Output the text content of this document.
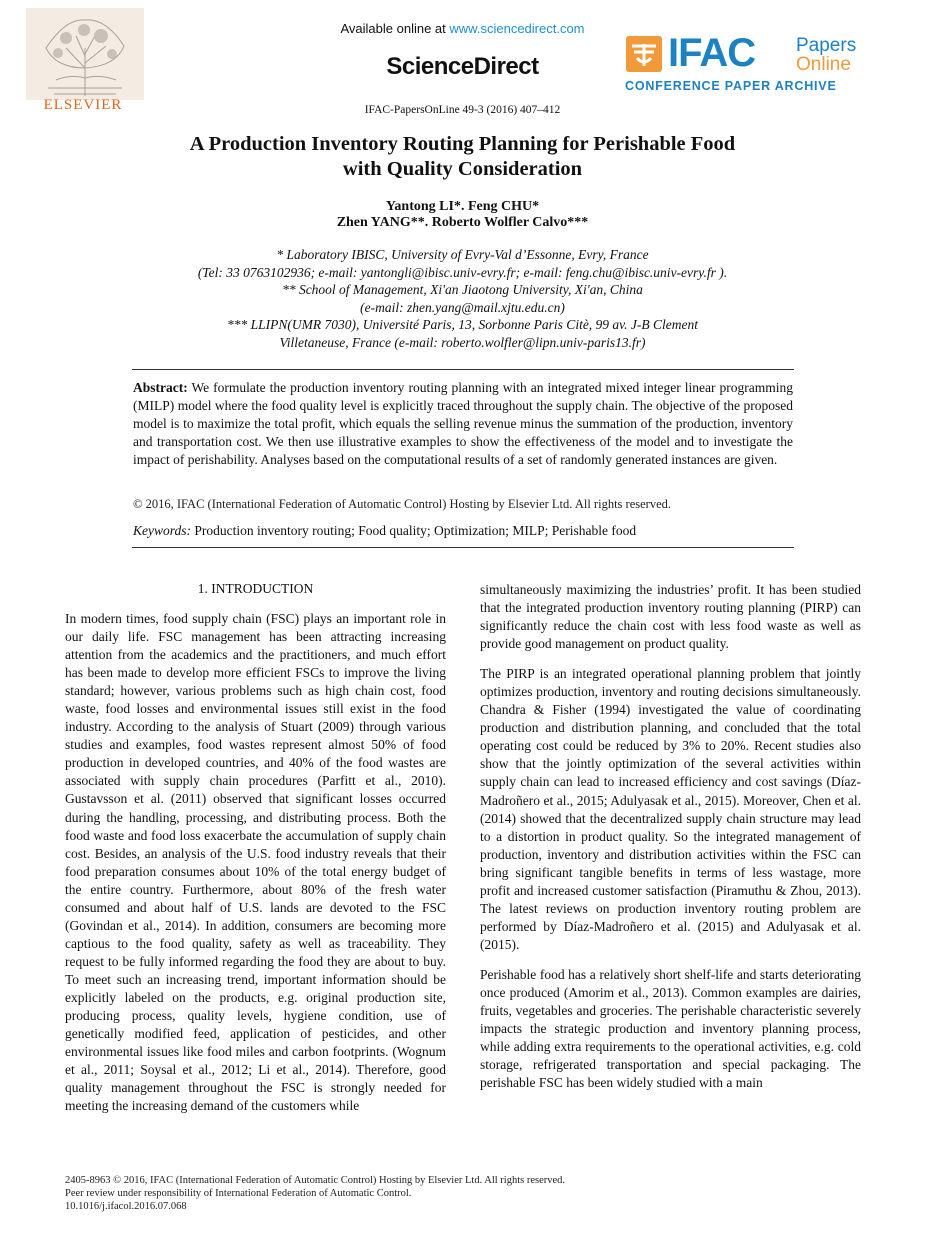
ELSEVIER
Available online at www.sciencedirect.com
ScienceDirect
IFAC-PapersOnLine 49-3 (2016) 407–412
IFAC Papers
Online
CONFERENCE PAPER ARCHIVE
A Production Inventory Routing Planning for Perishable Food
with Quality Consideration
Yantong LI*. Feng CHU*
Zhen YANG**. Roberto Wolfler Calvo***
* Laboratory IBISC, University of Evry-Val d’Essonne, Evry, France
(Tel: 33 0763102936; e-mail: yantongli@ibisc.univ-evry.fr; e-mail: feng.chu@ibisc.univ-evry.fr ).
** School of Management, Xi'an Jiaotong University, Xi'an, China
(e-mail: zhen.yang@mail.xjtu.edu.cn)
*** LLIPN(UMR 7030), Université Paris, 13, Sorbonne Paris Citè, 99 av. J-B Clement
Villetaneuse, France (e-mail: roberto.wolfler@lipn.univ-paris13.fr)
Abstract: We formulate the production inventory routing planning with an integrated mixed integer linear programming (MILP) model where the food quality level is explicitly traced throughout the supply chain. The objective of the proposed model is to maximize the total profit, which equals the selling revenue minus the summation of the production, inventory and transportation cost. We then use illustrative examples to show the effectiveness of the model and to investigate the impact of perishability. Analyses based on the computational results of a set of randomly generated instances are given.
© 2016, IFAC (International Federation of Automatic Control) Hosting by Elsevier Ltd. All rights reserved.
Keywords: Production inventory routing; Food quality; Optimization; MILP; Perishable food
1. INTRODUCTION

In modern times, food supply chain (FSC) plays an important role in our daily life. FSC management has been attracting increasing attention from the academics and the practitioners, and much effort has been made to develop more efficient FSCs to improve the living standard; however, various problems such as high chain cost, food waste, food losses and environmental issues still exist in the food industry. According to the analysis of Stuart (2009) through various studies and examples, food wastes represent almost 50% of food production in developed countries, and 40% of the food wastes are associated with supply chain procedures (Parfitt et al., 2010). Gustavsson et al. (2011) observed that significant losses occurred during the handling, processing, and distributing process. Both the food waste and food loss exacerbate the accumulation of supply chain cost. Besides, an analysis of the U.S. food industry reveals that their food preparation consumes about 10% of the total energy budget of the entire country. Furthermore, about 80% of the fresh water consumed and about half of U.S. lands are devoted to the FSC (Govindan et al., 2014). In addition, consumers are becoming more captious to the food quality, safety as well as traceability. They request to be fully informed regarding the food they are about to buy. To meet such an increasing trend, important information should be explicitly labeled on the products, e.g. original production site, producing process, quality levels, hygiene condition, use of genetically modified feed, application of pesticides, and other environmental issues like food miles and carbon footprints. (Wognum et al., 2011; Soysal et al., 2012; Li et al., 2014). Therefore, good quality management throughout the FSC is strongly needed for meeting the increasing demand of the customers while

simultaneously maximizing the industries’ profit. It has been studied that the integrated production inventory routing planning (PIRP) can significantly reduce the chain cost with less food waste as well as provide good management on product quality.

The PIRP is an integrated operational planning problem that jointly optimizes production, inventory and routing decisions simultaneously. Chandra & Fisher (1994) investigated the value of coordinating production and distribution planning, and concluded that the total operating cost could be reduced by 3% to 20%. Recent studies also show that the jointly optimization of the several activities within supply chain can lead to increased efficiency and cost savings (Díaz-Madroñero et al., 2015; Adulyasak et al., 2015). Moreover, Chen et al. (2014) showed that the decentralized supply chain structure may lead to a distortion in product quality. So the integrated management of production, inventory and distribution activities within the FSC can bring significant tangible benefits in terms of less wastage, more profit and increased customer satisfaction (Piramuthu & Zhou, 2013). The latest reviews on production inventory routing problem are performed by Díaz-Madroñero et al. (2015) and Adulyasak et al. (2015).

Perishable food has a relatively short shelf-life and starts deteriorating once produced (Amorim et al., 2013). Common examples are dairies, fruits, vegetables and groceries. The perishable characteristic severely impacts the strategic production and inventory planning process, while adding extra requirements to the operational activities, e.g. cold storage, refrigerated transportation and special packaging. The perishable FSC has been widely studied with a main

2405-8963 © 2016, IFAC (International Federation of Automatic Control) Hosting by Elsevier Ltd. All rights reserved.
Peer review under responsibility of International Federation of Automatic Control.
10.1016/j.ifacol.2016.07.068
